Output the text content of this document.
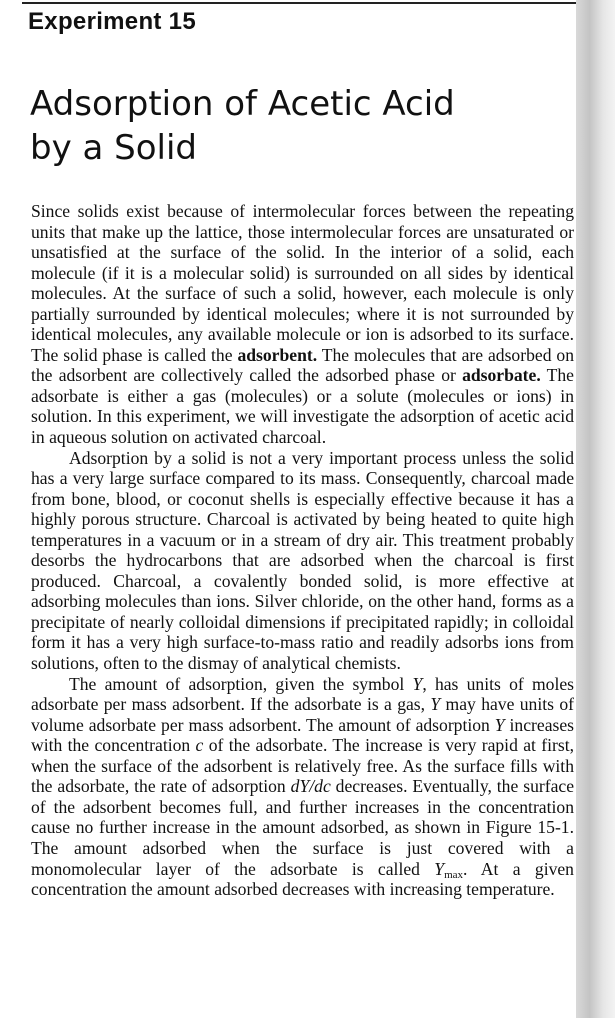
Experiment 15
Adsorption of Acetic Acid
by a Solid

Since solids exist because of intermolecular forces between the repeating units that make up the lattice, those intermolecular forces are unsaturated or unsatisfied at the surface of the solid. In the interior of a solid, each molecule (if it is a molecular solid) is surrounded on all sides by identical molecules. At the surface of such a solid, however, each molecule is only partially surrounded by identical molecules; where it is not surrounded by identical molecules, any available molecule or ion is adsorbed to its surface. The solid phase is called the adsorbent. The molecules that are adsorbed on the adsorbent are collectively called the adsorbed phase or adsorbate. The adsorbate is either a gas (molecules) or a solute (molecules or ions) in solution. In this experiment, we will investigate the adsorption of acetic acid in aqueous solution on activated charcoal.

Adsorption by a solid is not a very important process unless the solid has a very large surface compared to its mass. Consequently, charcoal made from bone, blood, or coconut shells is especially effective because it has a highly porous structure. Charcoal is activated by being heated to quite high temperatures in a vacuum or in a stream of dry air. This treatment probably desorbs the hydrocarbons that are adsorbed when the charcoal is first produced. Charcoal, a covalently bonded solid, is more effective at adsorbing molecules than ions. Silver chloride, on the other hand, forms as a precipitate of nearly colloidal dimensions if precipitated rapidly; in colloidal form it has a very high surface-to-mass ratio and readily adsorbs ions from solutions, often to the dismay of analytical chemists.

The amount of adsorption, given the symbol Y, has units of moles adsorbate per mass adsorbent. If the adsorbate is a gas, Y may have units of volume adsorbate per mass adsorbent. The amount of adsorption Y increases with the concentration c of the adsorbate. The increase is very rapid at first, when the surface of the adsorbent is relatively free. As the surface fills with the adsorbate, the rate of adsorption dY/dc decreases. Eventually, the surface of the adsorbent becomes full, and further increases in the concentration cause no further increase in the amount adsorbed, as shown in Figure 15-1. The amount adsorbed when the surface is just covered with a monomolecular layer of the adsorbate is called $Y_{max}$. At a given concentration the amount adsorbed decreases with increasing temperature.
